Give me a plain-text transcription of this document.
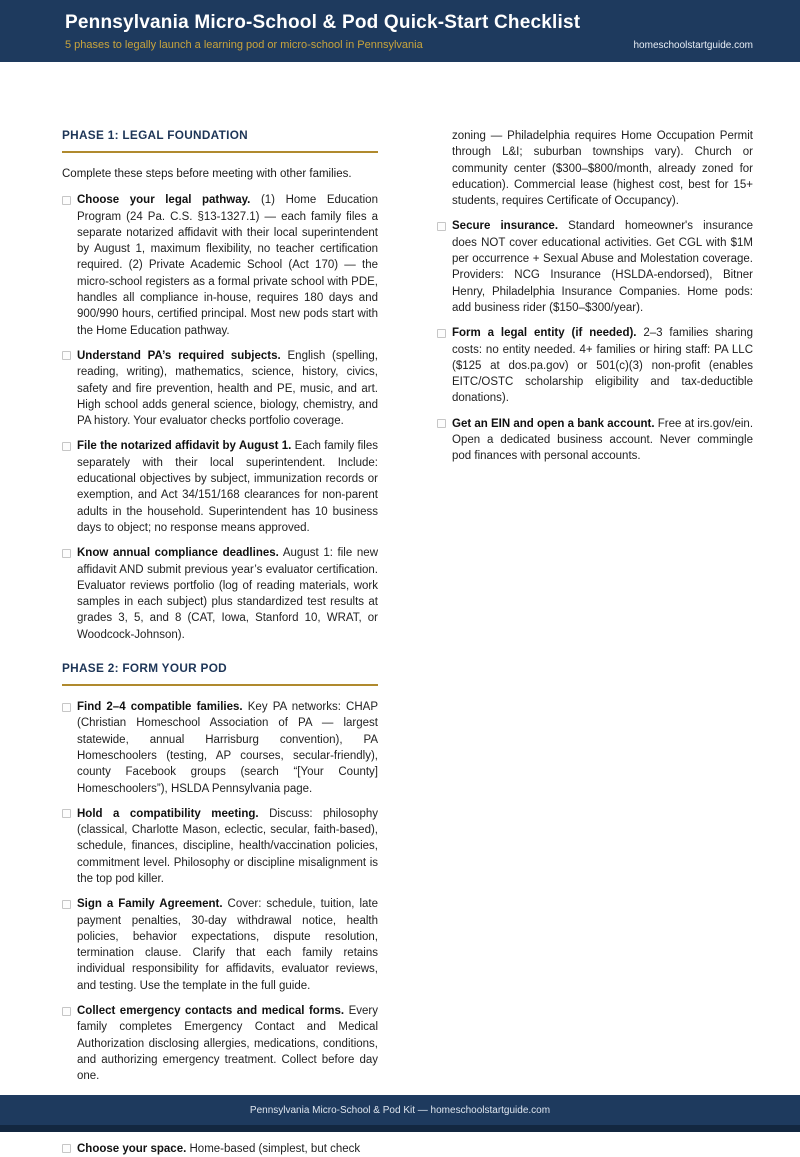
Pennsylvania Micro-School & Pod Quick-Start Checklist
5 phases to legally launch a learning pod or micro-school in Pennsylvania	homeschoolstartguide.com
PHASE 1: LEGAL FOUNDATION
Complete these steps before meeting with other families.
Choose your legal pathway. (1) Home Education Program (24 Pa. C.S. §13-1327.1) — each family files a separate notarized affidavit with their local superintendent by August 1, maximum flexibility, no teacher certification required. (2) Private Academic School (Act 170) — the micro-school registers as a formal private school with PDE, handles all compliance in-house, requires 180 days and 900/990 hours, certified principal. Most new pods start with the Home Education pathway.
Understand PA’s required subjects. English (spelling, reading, writing), mathematics, science, history, civics, safety and fire prevention, health and PE, music, and art. High school adds general science, biology, chemistry, and PA history. Your evaluator checks portfolio coverage.
File the notarized affidavit by August 1. Each family files separately with their local superintendent. Include: educational objectives by subject, immunization records or exemption, and Act 34/151/168 clearances for non-parent adults in the household. Superintendent has 10 business days to object; no response means approved.
Know annual compliance deadlines. August 1: file new affidavit AND submit previous year’s evaluator certification. Evaluator reviews portfolio (log of reading materials, work samples in each subject) plus standardized test results at grades 3, 5, and 8 (CAT, Iowa, Stanford 10, WRAT, or Woodcock-Johnson).
PHASE 2: FORM YOUR POD
Find 2–4 compatible families. Key PA networks: CHAP (Christian Homeschool Association of PA — largest statewide, annual Harrisburg convention), PA Homeschoolers (testing, AP courses, secular-friendly), county Facebook groups (search “[Your County] Homeschoolers”), HSLDA Pennsylvania page.
Hold a compatibility meeting. Discuss: philosophy (classical, Charlotte Mason, eclectic, secular, faith-based), schedule, finances, discipline, health/vaccination policies, commitment level. Philosophy or discipline misalignment is the top pod killer.
Sign a Family Agreement. Cover: schedule, tuition, late payment penalties, 30-day withdrawal notice, health policies, behavior expectations, dispute resolution, termination clause. Clarify that each family retains individual responsibility for affidavits, evaluator reviews, and testing. Use the template in the full guide.
Collect emergency contacts and medical forms. Every family completes Emergency Contact and Medical Authorization disclosing allergies, medications, conditions, and authorizing emergency treatment. Collect before day one.
Choose your space. Home-based (simplest, but check
zoning — Philadelphia requires Home Occupation Permit through L&I; suburban townships vary). Church or community center ($300–$800/month, already zoned for education). Commercial lease (highest cost, best for 15+ students, requires Certificate of Occupancy).
Secure insurance. Standard homeowner's insurance does NOT cover educational activities. Get CGL with $1M per occurrence + Sexual Abuse and Molestation coverage. Providers: NCG Insurance (HSLDA-endorsed), Bitner Henry, Philadelphia Insurance Companies. Home pods: add business rider ($150–$300/year).
Form a legal entity (if needed). 2–3 families sharing costs: no entity needed. 4+ families or hiring staff: PA LLC ($125 at dos.pa.gov) or 501(c)(3) non-profit (enables EITC/OSTC scholarship eligibility and tax-deductible donations).
Get an EIN and open a bank account. Free at irs.gov/ein. Open a dedicated business account. Never commingle pod finances with personal accounts.
Pennsylvania Micro-School & Pod Kit — homeschoolstartguide.com
